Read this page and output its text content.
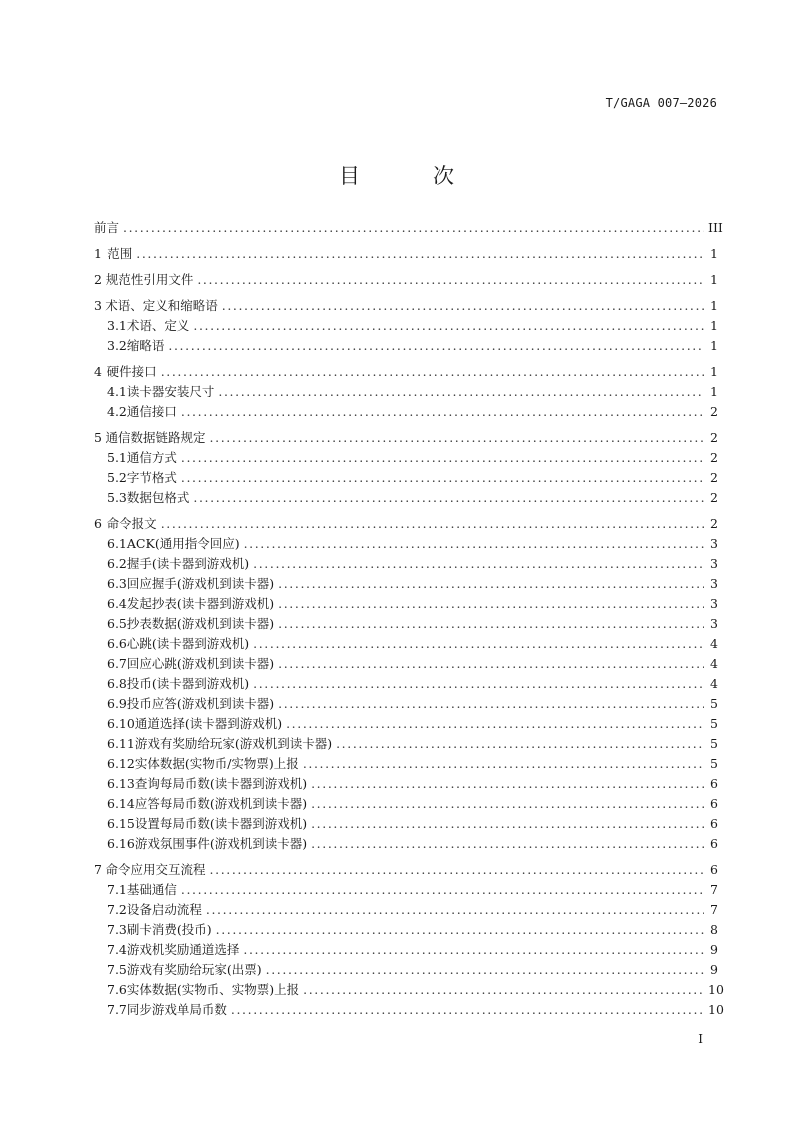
T/GAGA 007—2026
目　次
前言 .....	III
1 范围 .....	1
2 规范性引用文件 .....	1
3 术语、定义和缩略语 .....	1
3.1 术语、定义 .....	1
3.2 缩略语 .....	1
4 硬件接口 .....	1
4.1 读卡器安装尺寸 .....	1
4.2 通信接口 .....	2
5 通信数据链路规定 .....	2
5.1 通信方式 .....	2
5.2 字节格式 .....	2
5.3 数据包格式 .....	2
6 命令报文 .....	2
6.1 ACK(通用指令回应) .....	3
6.2 握手(读卡器到游戏机) .....	3
6.3 回应握手(游戏机到读卡器) .....	3
6.4 发起抄表(读卡器到游戏机) .....	3
6.5 抄表数据(游戏机到读卡器) .....	3
6.6 心跳(读卡器到游戏机) .....	4
6.7 回应心跳(游戏机到读卡器) .....	4
6.8 投币(读卡器到游戏机) .....	4
6.9 投币应答(游戏机到读卡器) .....	5
6.10 通道选择(读卡器到游戏机) .....	5
6.11 游戏有奖励给玩家(游戏机到读卡器) .....	5
6.12 实体数据(实物币/实物票)上报 .....	5
6.13 查询每局币数(读卡器到游戏机) .....	6
6.14 应答每局币数(游戏机到读卡器) .....	6
6.15 设置每局币数(读卡器到游戏机) .....	6
6.16 游戏氛围事件(游戏机到读卡器) .....	6
7 命令应用交互流程 .....	6
7.1 基础通信 .....	7
7.2 设备启动流程 .....	7
7.3 刷卡消费(投币) .....	8
7.4 游戏机奖励通道选择 .....	9
7.5 游戏有奖励给玩家(出票) .....	9
7.6 实体数据(实物币、实物票)上报 .....	10
7.7 同步游戏单局币数 .....	10
I
